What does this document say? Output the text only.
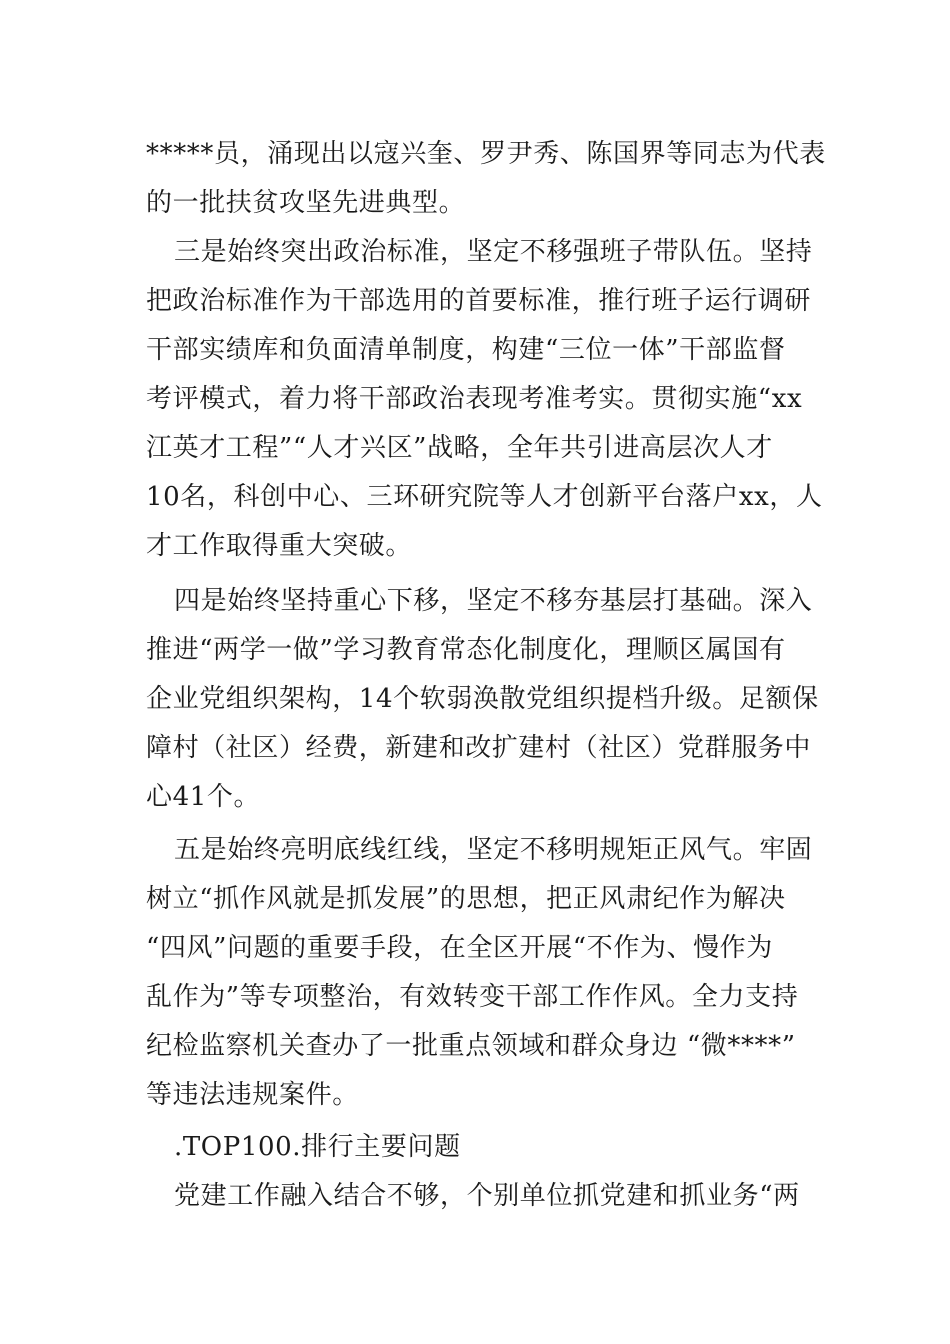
*****员，涌现出以寇兴奎、罗尹秀、陈国界等同志为代表
的一批扶贫攻坚先进典型。
三是始终突出政治标准，坚定不移强班子带队伍。坚持
把政治标准作为干部选用的首要标准，推行班子运行调研
干部实绩库和负面清单制度，构建“三位一体”干部监督
考评模式，着力将干部政治表现考准考实。贯彻实施“xx
江英才工程”“人才兴区”战略，全年共引进高层次人才
10名，科创中心、三环研究院等人才创新平台落户xx，人
才工作取得重大突破。
四是始终坚持重心下移，坚定不移夯基层打基础。深入
推进“两学一做”学习教育常态化制度化，理顺区属国有
企业党组织架构，14个软弱涣散党组织提档升级。足额保
障村（社区）经费，新建和改扩建村（社区）党群服务中
心41个。
五是始终亮明底线红线，坚定不移明规矩正风气。牢固
树立“抓作风就是抓发展”的思想，把正风肃纪作为解决
“四风”问题的重要手段，在全区开展“不作为、慢作为
乱作为”等专项整治，有效转变干部工作作风。全力支持
纪检监察机关查办了一批重点领域和群众身边 “微****”
等违法违规案件。
.TOP100.排行主要问题
党建工作融入结合不够，个别单位抓党建和抓业务“两
